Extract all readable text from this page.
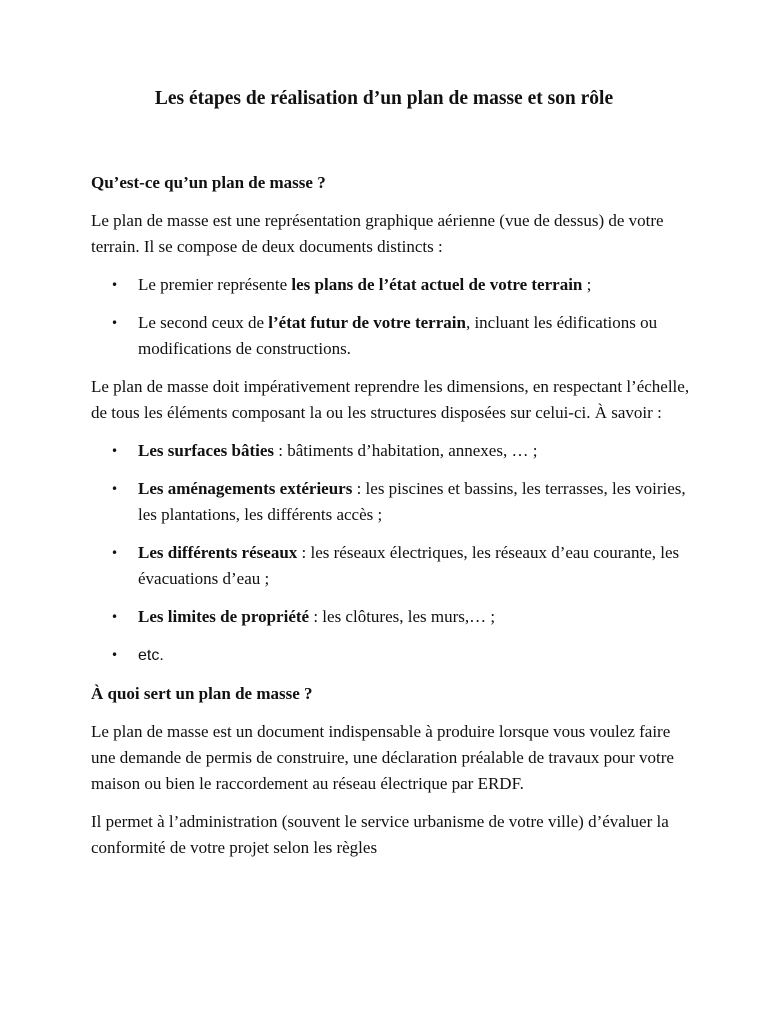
Les étapes de réalisation d’un plan de masse et son rôle
Qu’est-ce qu’un plan de masse ?

Le plan de masse est une représentation graphique aérienne (vue de dessus) de votre terrain. Il se compose de deux documents distincts :

• Le premier représente les plans de l’état actuel de votre terrain ;
• Le second ceux de l’état futur de votre terrain, incluant les édifications ou modifications de constructions.

Le plan de masse doit impérativement reprendre les dimensions, en respectant l’échelle, de tous les éléments composant la ou les structures disposées sur celui-ci. À savoir :

• Les surfaces bâties : bâtiments d’habitation, annexes, … ;
• Les aménagements extérieurs : les piscines et bassins, les terrasses, les voiries, les plantations, les différents accès ;
• Les différents réseaux : les réseaux électriques, les réseaux d’eau courante, les évacuations d’eau ;
• Les limites de propriété : les clôtures, les murs,… ;
• etc.
À quoi sert un plan de masse ?

Le plan de masse est un document indispensable à produire lorsque vous voulez faire une demande de permis de construire, une déclaration préalable de travaux pour votre maison ou bien le raccordement au réseau électrique par ERDF.

Il permet à l’administration (souvent le service urbanisme de votre ville) d’évaluer la conformité de votre projet selon les règles
